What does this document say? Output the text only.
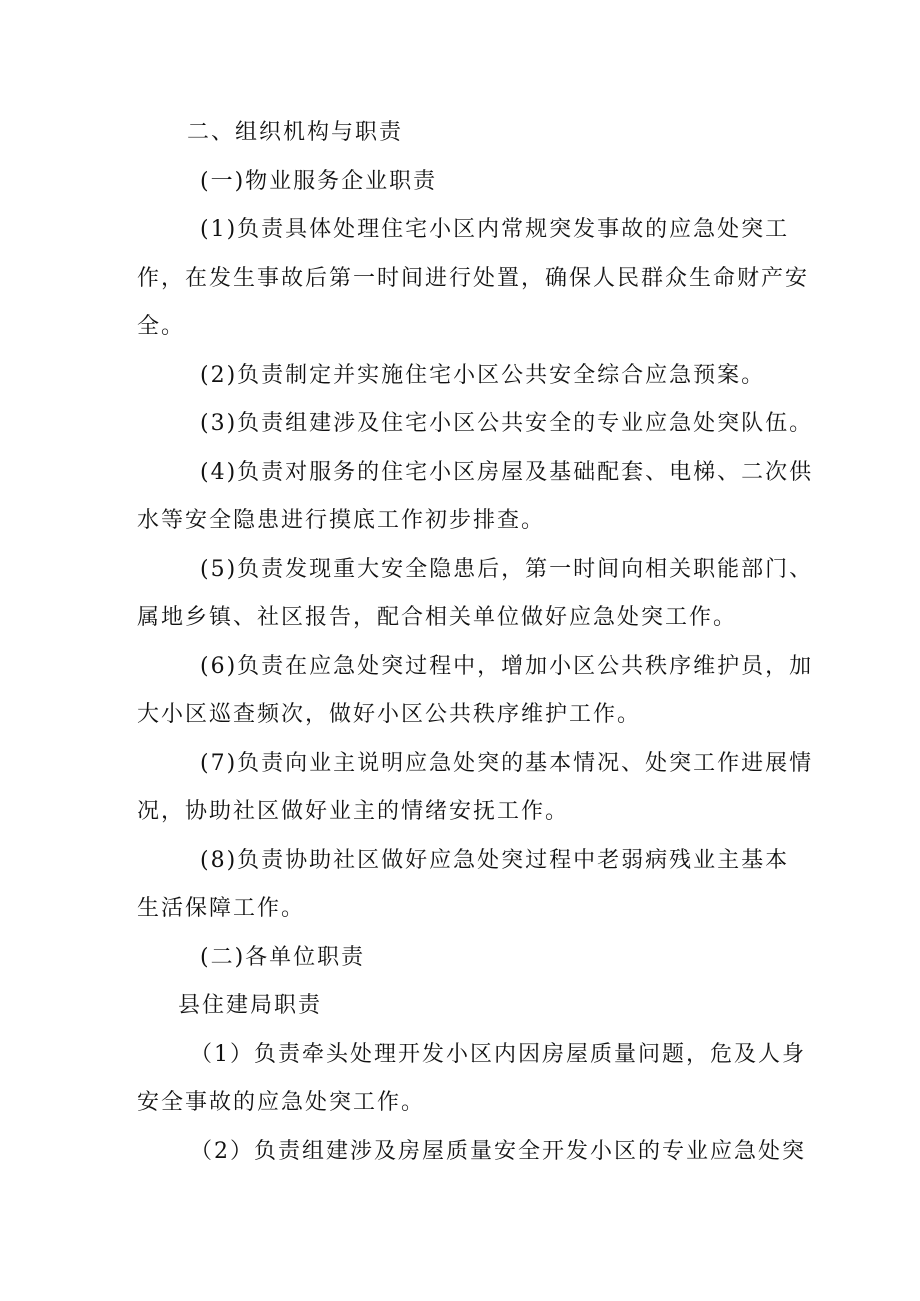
二、组织机构与职责
(一)物业服务企业职责
(1)负责具体处理住宅小区内常规突发事故的应急处突工
作，在发生事故后第一时间进行处置，确保人民群众生命财产安
全。
(2)负责制定并实施住宅小区公共安全综合应急预案。
(3)负责组建涉及住宅小区公共安全的专业应急处突队伍。
(4)负责对服务的住宅小区房屋及基础配套、电梯、二次供
水等安全隐患进行摸底工作初步排查。
(5)负责发现重大安全隐患后，第一时间向相关职能部门、
属地乡镇、社区报告，配合相关单位做好应急处突工作。
(6)负责在应急处突过程中，增加小区公共秩序维护员，加
大小区巡查频次，做好小区公共秩序维护工作。
(7)负责向业主说明应急处突的基本情况、处突工作进展情
况，协助社区做好业主的情绪安抚工作。
(8)负责协助社区做好应急处突过程中老弱病残业主基本
生活保障工作。
(二)各单位职责
县住建局职责
（1）负责牵头处理开发小区内因房屋质量问题，危及人身
安全事故的应急处突工作。
（2）负责组建涉及房屋质量安全开发小区的专业应急处突
